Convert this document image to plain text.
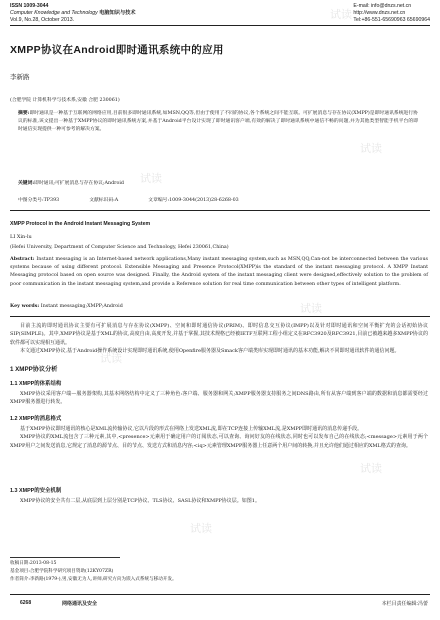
ISSN 1009-3044
Computer Knowledge and Technology 电脑知识与技术
Vol.9, No.28, October 2013.
E-mail: info@dnzs.net.cn
http://www.dnzs.net.cn
Tel:+86-551-65690963 65690964
试读
试读
试读
试读
试读
试读
试读
XMPP协议在Android即时通讯系统中的应用
李新路
(合肥学院 计算机科学与技术系,安徽 合肥 230061)
摘要:即时通讯是一种基于互联网的网络应用,目前很多即时通讯系统,如MSN,QQ等,但由于使用了不同的协议,各个系统之间不能互联。可扩展消息与存在协议(XMPP)是即时通讯系统进行协议的标准,该文提出一种基于XMPP协议的即时通讯系统方案,并基于Android平台设计实现了即时通讯客户端,有效的解决了即时通讯系统中通信不畅的问题,并为其他类型智能手机平台的即时通信实现提供一种可参考的解决方案。
关键词:即时通讯;可扩展消息与存在协议;Android
中图分类号:TP393	文献标识码:A	文章编号:1009-3044(2013)28-6268-03
XMPP Protocol in the Android Instant Messaging System
LI Xin-lu
(Hefei University, Department of Computer Science and Technology, Hefei 230061,China)
Abstract: Instant messaging is an Internet-based network applications,Many instant messaging system,such as MSN,QQ,Can-not be interconnected between the various systems because of using different protocol. Extensible Messaging and Presence Protocol(XMPP)is the standard of the instant messaging protocol. A XMPP Instant Messaging protocol based on open source was designed. Finally, the Android system of the instant messaging client were designed,effectively solution to the problem of poor communication in the instant messaging system,and provide a Reference solution for real time communication between other types of intelligent platform.
Key words: Instant messaging;XMPP;Android

目前主流的即时通讯协议主要有可扩展消息与存在协议(XMPP)、空间和即时通信协议(PRIM)、即时信息交互协议(IMPP)以及针对即时通讯和空间平衡扩充的会话初始协议SIP(SIMPLE)。其中,XMPP协议是基于XML的协议,高度自由,高度开发,并基于掌握,其技术规格已经被IETF互联网工程小组定义在RFC3920及RFC3921,目前已被越来越多XMPP协议的软件都可以实现相互通讯。

本文通过XMPP协议,基于Android操作系统设计实现即时通讯系统,使用Openfire服务器及Smack客户端类库实现即时通讯的基本功能,解决不同即时通讯软件的通信问题。

1 XMPP协议分析
1.1 XMPP的体系结构

XMPP协议采用客户端—服务器架构,其基本网络结构中定义了三种角色:客户端、服务器和网关;XMPP服务器支持服务之间DNS路由,所有从客户端到客户端的数据和消息都需要经过XMPP服务器进行转发。

1.2 XMPP的消息格式

基于XMPP协议即时通讯的核心是XML流传输协议,它以片段的形式在网络上发送XML流,即在TCP连接上传输XML流,是XMPP即时通讯的消息传递手段。

XMPP协议的XML流包含了三种元素,其中,<presence>元素用于确定用户的订阅状态,可以查询、询问好友的在线状态,同时也可以发布自己的在线状态;<message>元素用于两个XMPP用户之间发送消息,它规定了消息的源节点、目的节点、发送方式和消息内容;<iq>元素管理XMPP服务器上任意两个用户间的转换,并且允许他们通过相应的XML格式的查询。

1.3 XMPP的安全机制

XMPP协议的安全共有二层,从底层到上层分别是TCP协议、TLS协议、SASL协议和XMPP协议层。如图1。

收稿日期:2013-08-15
基金项目:合肥学院科学研究项目资助(12KY07ZR)
作者简介:李新路(1979-),男,安徽无为人,讲师,研究方向为嵌入式系统与移动开发。
6268	网络通讯及安全	本栏目责任编辑:冯蕾
